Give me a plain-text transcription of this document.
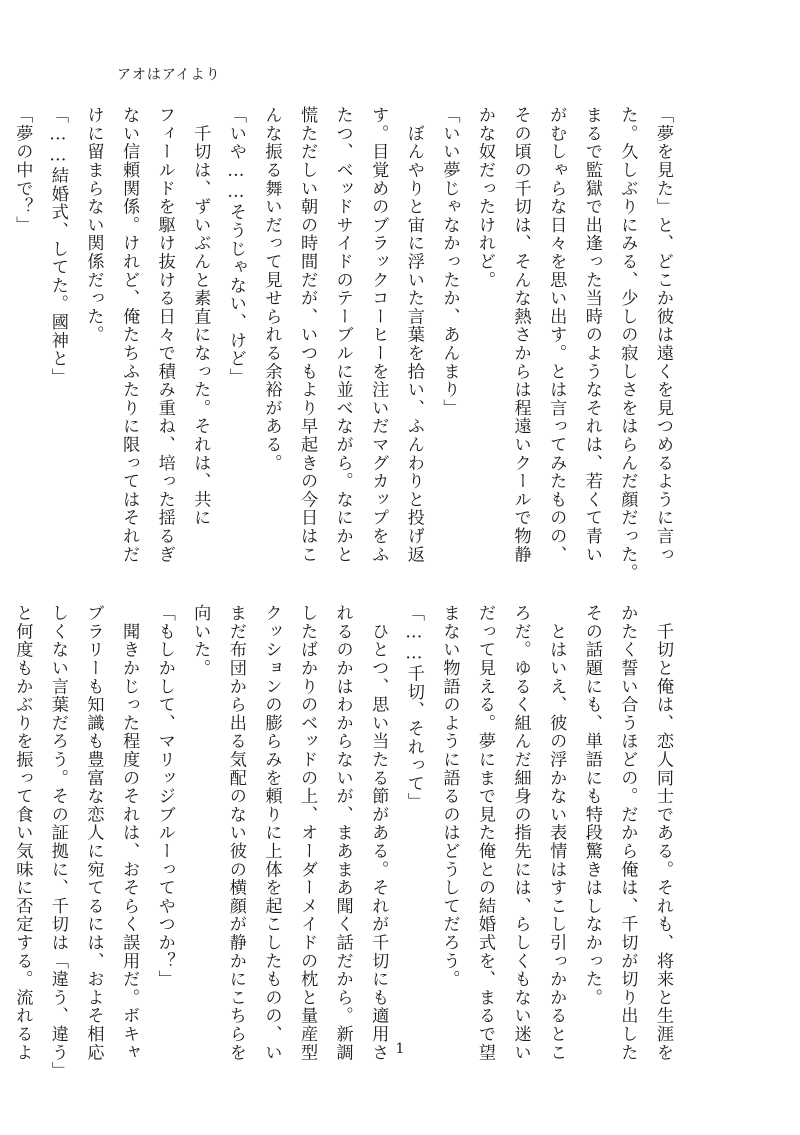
アオはアイより
「夢を見た」と、どこか彼は遠くを見つめるように言っ
た。久しぶりにみる、少しの寂しさをはらんだ顔だった。
まるで監獄で出逢った当時のようなそれは、若くて青い
がむしゃらな日々を思い出す。とは言ってみたものの、
その頃の千切は、そんな熱さからは程遠いクールで物静
かな奴だったけれど。
「いい夢じゃなかったか、あんまり」
　ぼんやりと宙に浮いた言葉を拾い、ふんわりと投げ返
す。目覚めのブラックコーヒーを注いだマグカップをふ
たつ、ベッドサイドのテーブルに並べながら。なにかと
慌ただしい朝の時間だが、いつもより早起きの今日はこ
んな振る舞いだって見せられる余裕がある。
「いや……そうじゃない、けど」
　千切は、ずいぶんと素直になった。それは、共に
フィールドを駆け抜ける日々で積み重ね、培った揺るぎ
ない信頼関係。けれど、俺たちふたりに限ってはそれだ
けに留まらない関係だった。
「……結婚式、してた。國神と」
「夢の中で？」
　千切と俺は、恋人同士である。それも、将来と生涯を
かたく誓い合うほどの。だから俺は、千切が切り出した
その話題にも、単語にも特段驚きはしなかった。
　とはいえ、彼の浮かない表情はすこし引っかかるとこ
ろだ。ゆるく組んだ細身の指先には、らしくもない迷い
だって見える。夢にまで見た俺との結婚式を、まるで望
まない物語のように語るのはどうしてだろう。
「……千切、それって」
　ひとつ、思い当たる節がある。それが千切にも適用さ
れるのかはわからないが、まあまあ聞く話だから。新調
したばかりのベッドの上、オーダーメイドの枕と量産型
クッションの膨らみを頼りに上体を起こしたものの、い
まだ布団から出る気配のない彼の横顔が静かにこちらを
向いた。
「もしかして、マリッジブルーってやつか？」
　聞きかじった程度のそれは、おそらく誤用だ。ボキャ
ブラリーも知識も豊富な恋人に宛てるには、およそ相応
しくない言葉だろう。その証拠に、千切は「違う、違う」
と何度もかぶりを振って食い気味に否定する。流れるよ	1
